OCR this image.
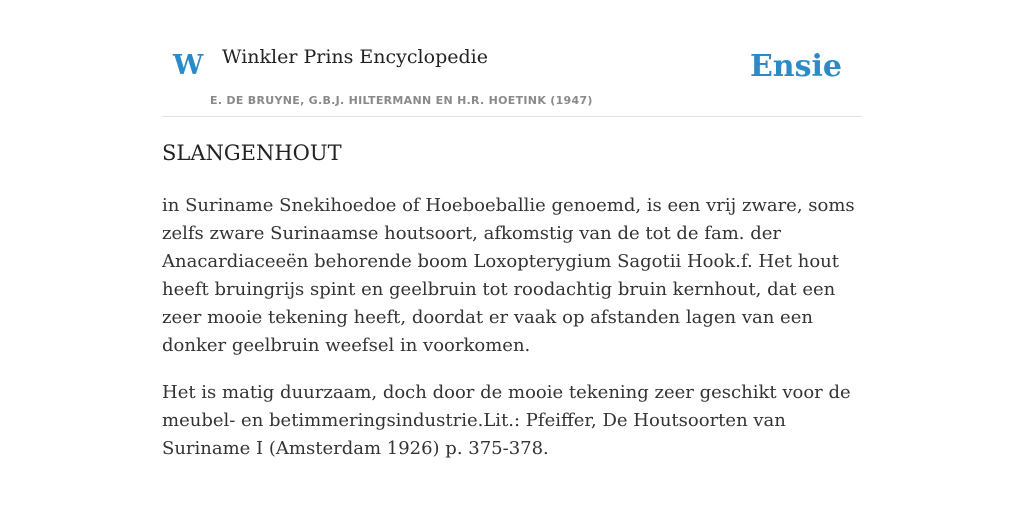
W Winkler Prins Encyclopedie
E. DE BRUYNE, G.B.J. HILTERMANN EN H.R. HOETINK (1947)
Ensie
SLANGENHOUT

in Suriname Snekihoedoe of Hoeboeballie genoemd, is een vrij zware, soms zelfs zware Surinaamse houtsoort, afkomstig van de tot de fam. der Anacardiaceeën behorende boom Loxopterygium Sagotii Hook.f. Het hout heeft bruingrijs spint en geelbruin tot roodachtig bruin kernhout, dat een zeer mooie tekening heeft, doordat er vaak op afstanden lagen van een donker geelbruin weefsel in voorkomen.

Het is matig duurzaam, doch door de mooie tekening zeer geschikt voor de meubel- en betimmeringsindustrie.Lit.: Pfeiffer, De Houtsoorten van Suriname I (Amsterdam 1926) p. 375-378.
